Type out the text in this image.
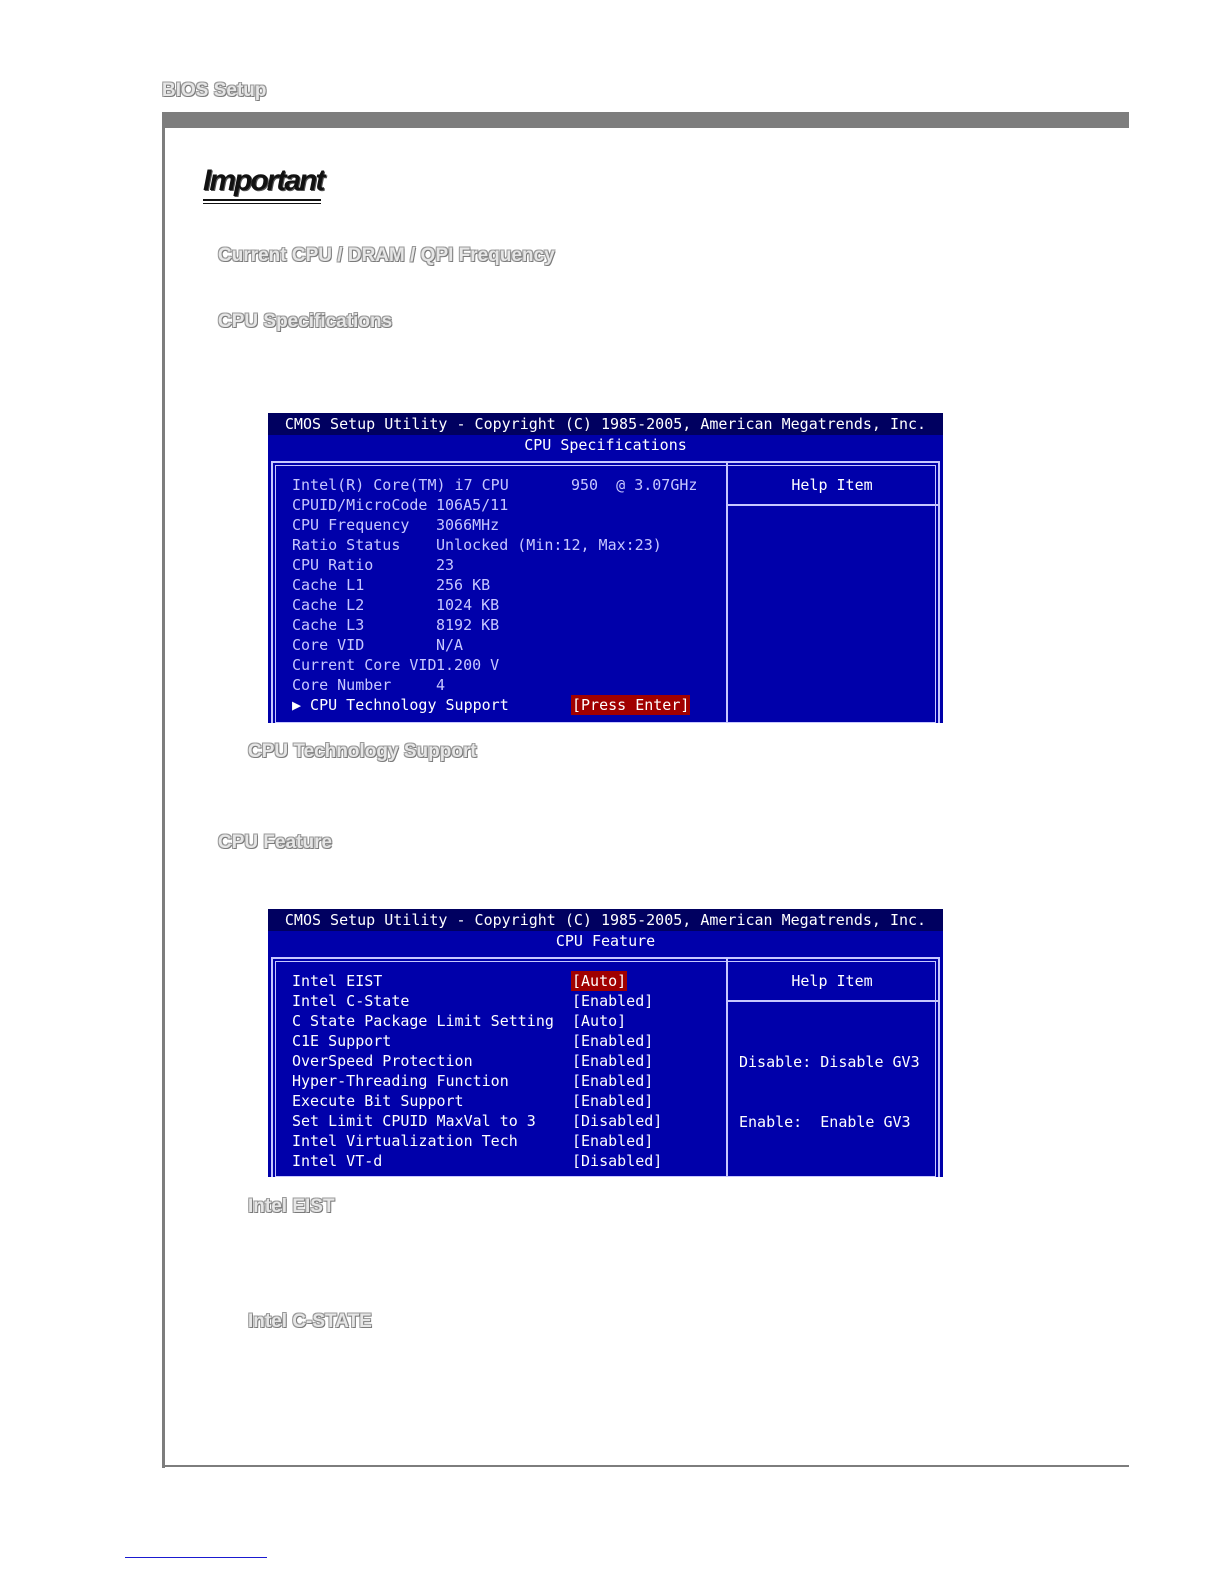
BIOS Setup
Important
Current CPU / DRAM / QPI Frequency
CPU Specifications
CMOS Setup Utility - Copyright (C) 1985-2005, American Megatrends, Inc.
CPU Specifications
Help Item
Intel(R) Core(TM) i7 CPU	950  @ 3.07GHz
CPUID/MicroCode 106A5/11
CPU Frequency 3066MHz
Ratio Status Unlocked (Min:12, Max:23)
CPU Ratio	23
Cache L1	256 KB
Cache L2	1024 KB
Cache L3	8192 KB
Core VID	N/A
Current Core VID 1.200 V
Core Number	4
▶ CPU Technology Support	[Press Enter]
CPU Technology Support
CPU Feature
CMOS Setup Utility - Copyright (C) 1985-2005, American Megatrends, Inc.
CPU Feature
Help Item

Disable: Disable GV3

Enable:  Enable GV3

Intel EIST	[Auto]
Intel C-State	[Enabled]
C State Package Limit Setting [Auto]
C1E Support	[Enabled]
OverSpeed Protection	[Enabled]
Hyper-Threading Function	[Enabled]
Execute Bit Support	[Enabled]
Set Limit CPUID MaxVal to 3 [Disabled]
Intel Virtualization Tech	[Enabled]
Intel VT-d	[Disabled]
Intel EIST
Intel C-STATE
